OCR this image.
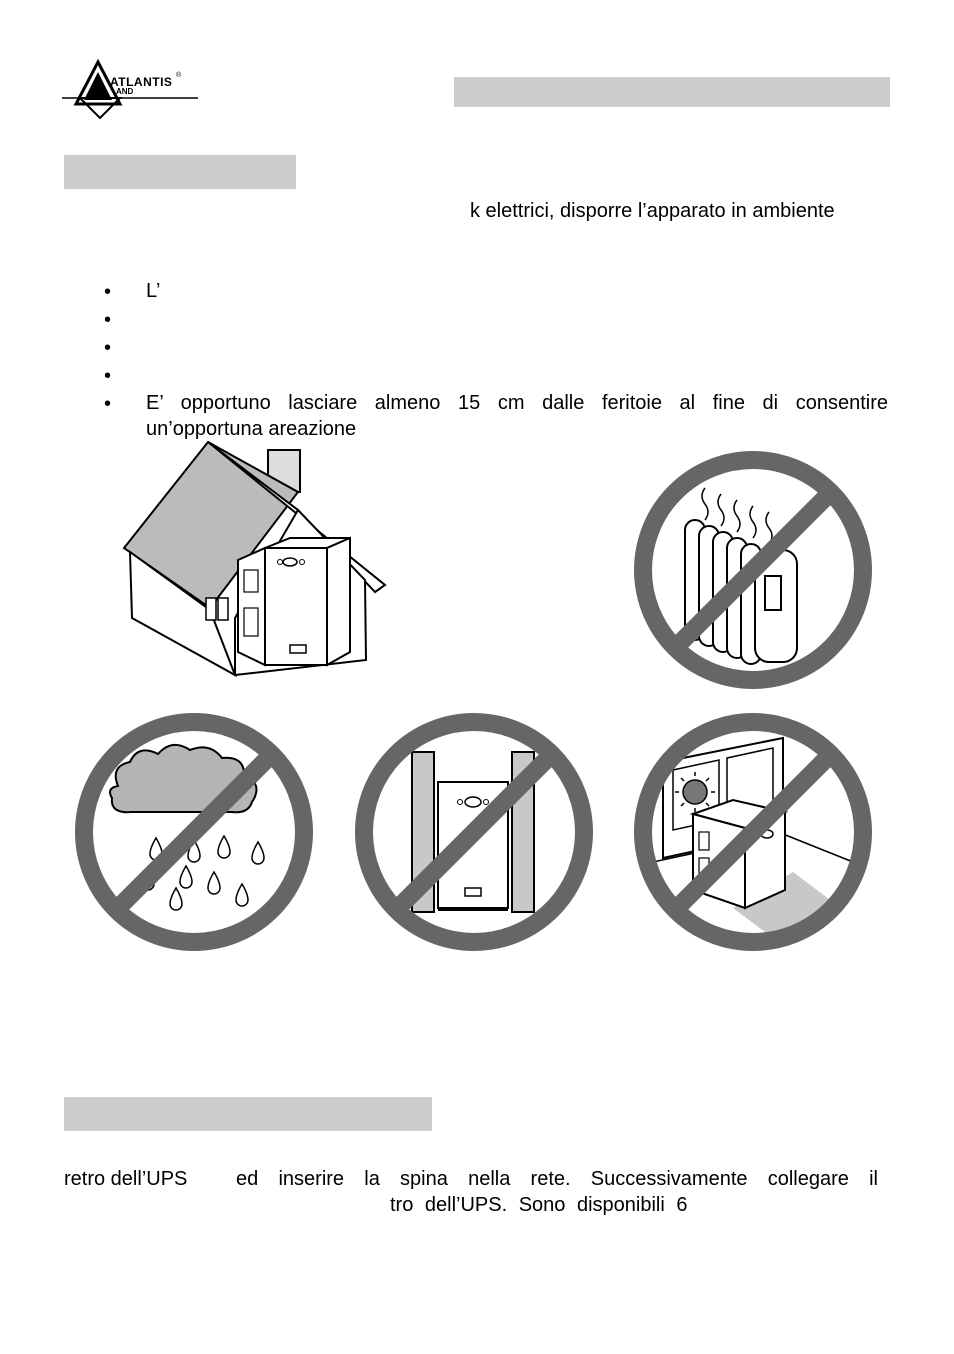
ATLANTIS ®
AND
k elettrici, disporre l’apparato in ambiente
• L’
•
•
•
• E’ opportuno lasciare almeno 15 cm dalle feritoie al fine di consentire
un’opportuna areazione
retro dell’UPS ed inserire la spina nella rete. Successivamente collegare il
tro dell’UPS. Sono disponibili 6
